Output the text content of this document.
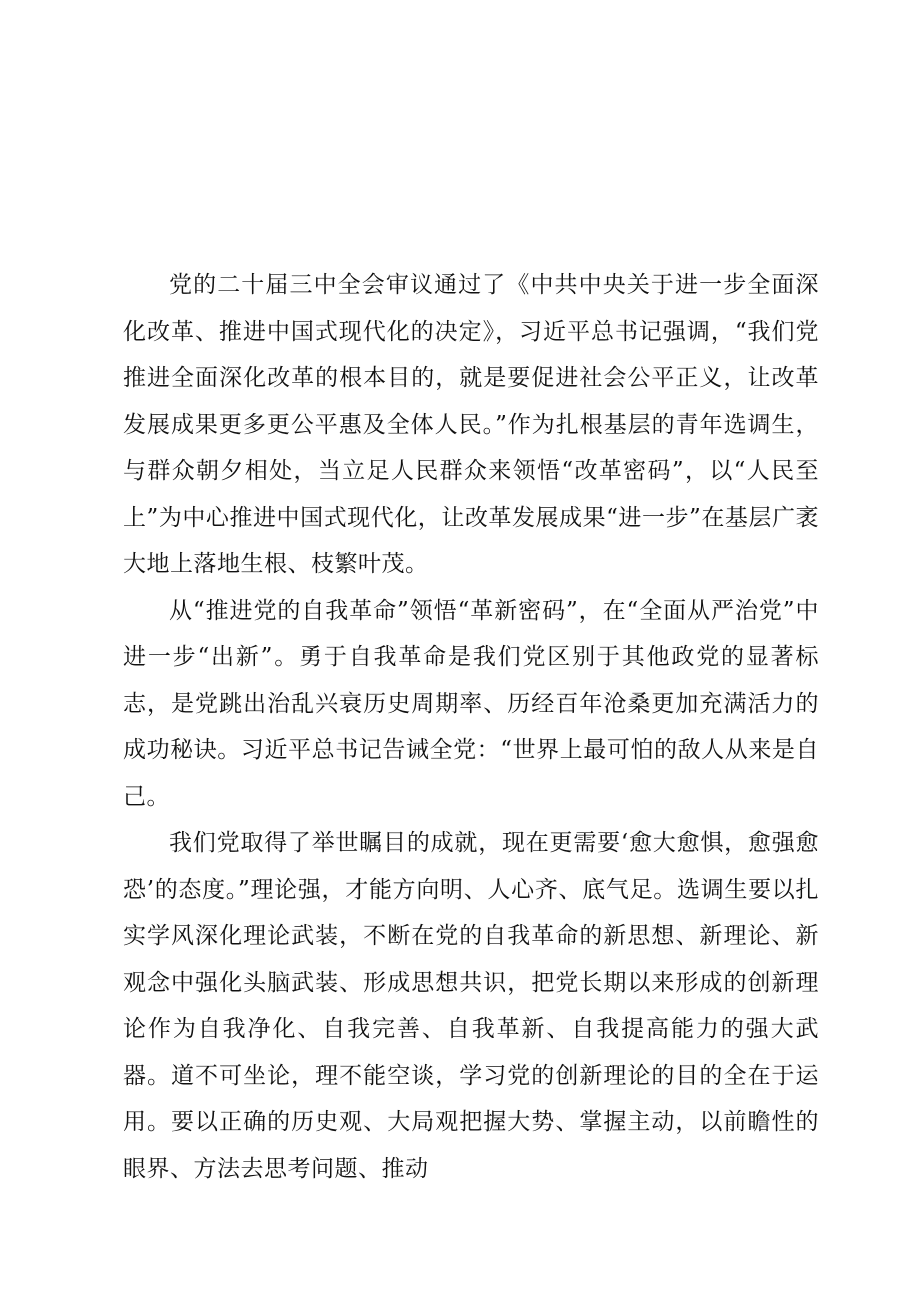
党的二十届三中全会审议通过了《中共中央关于进一步全面深化改革、推进中国式现代化的决定》，习近平总书记强调，“我们党推进全面深化改革的根本目的，就是要促进社会公平正义，让改革发展成果更多更公平惠及全体人民。”作为扎根基层的青年选调生，与群众朝夕相处，当立足人民群众来领悟“改革密码”，以“人民至上”为中心推进中国式现代化，让改革发展成果“进一步”在基层广袤大地上落地生根、枝繁叶茂。

从“推进党的自我革命”领悟“革新密码”，在“全面从严治党”中进一步“出新”。勇于自我革命是我们党区别于其他政党的显著标志，是党跳出治乱兴衰历史周期率、历经百年沧桑更加充满活力的成功秘诀。习近平总书记告诫全党：“世界上最可怕的敌人从来是自己。

我们党取得了举世瞩目的成就，现在更需要‘愈大愈惧，愈强愈恐’的态度。”理论强，才能方向明、人心齐、底气足。选调生要以扎实学风深化理论武装，不断在党的自我革命的新思想、新理论、新观念中强化头脑武装、形成思想共识，把党长期以来形成的创新理论作为自我净化、自我完善、自我革新、自我提高能力的强大武器。道不可坐论，理不能空谈，学习党的创新理论的目的全在于运用。要以正确的历史观、大局观把握大势、掌握主动，以前瞻性的眼界、方法去思考问题、推动
